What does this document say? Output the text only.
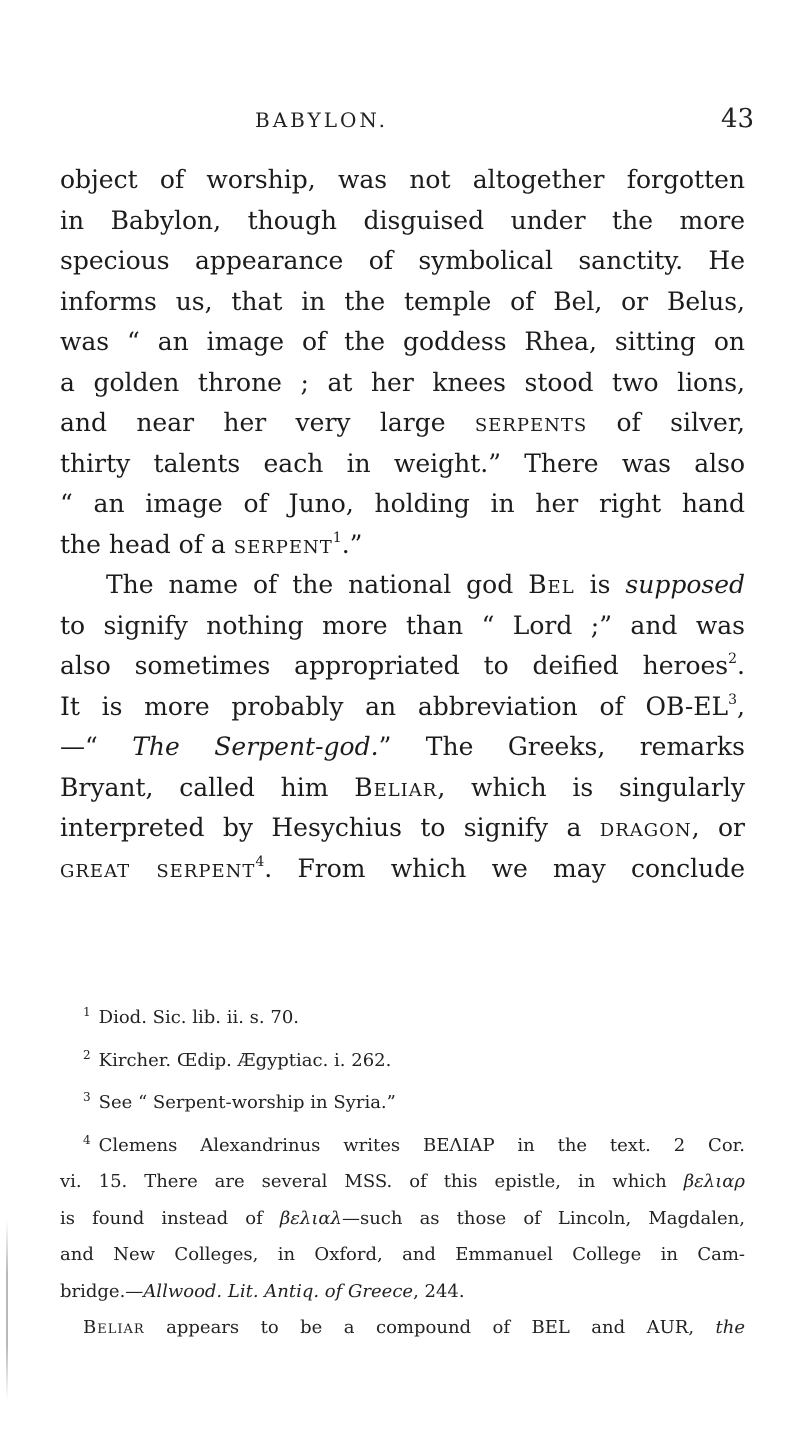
BABYLON.	43

object of worship, was not altogether forgotten

in Babylon, though disguised under the more

specious appearance of symbolical sanctity. He

informs us, that in the temple of Bel, or Belus,

was “ an image of the goddess Rhea, sitting on

a golden throne ; at her knees stood two lions,

and near her very large serpents of silver,

thirty talents each in weight.” There was also

“ an image of Juno, holding in her right hand

the head of a serpent$^1$.”

The name of the national god Bel is supposed

to signify nothing more than “ Lord ;” and was

also sometimes appropriated to deified heroes$^2$.

It is more probably an abbreviation of OB-EL$^3$,

—“ The Serpent-god.” The Greeks, remarks

Bryant, called him Beliar, which is singularly

interpreted by Hesychius to signify a dragon, or

great serpent$^4$. From which we may conclude

$^1$ Diod. Sic. lib. ii. s. 70.

$^2$ Kircher. Œdip. Ægyptiac. i. 262.

$^3$ See “ Serpent-worship in Syria.”

$^4$ Clemens Alexandrinus writes BEΛIAP in the text. 2 Cor.

vi. 15. There are several MSS. of this epistle, in which βελιαρ

is found instead of βελιαλ—such as those of Lincoln, Magdalen,

and New Colleges, in Oxford, and Emmanuel College in Cam-

bridge.—Allwood. Lit. Antiq. of Greece, 244.

Beliar appears to be a compound of BEL and AUR, the
